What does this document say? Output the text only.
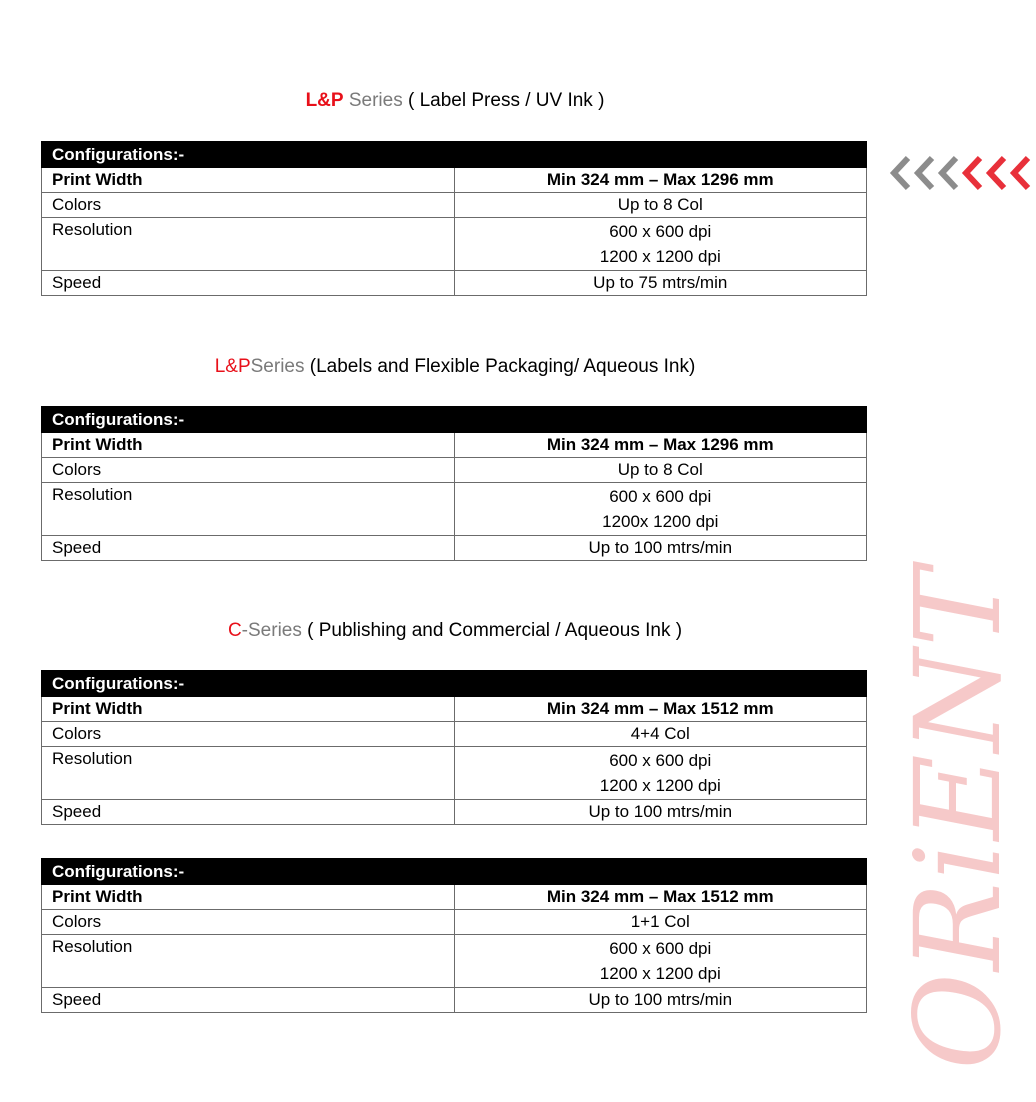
L&P Series ( Label Press / UV Ink )
Configurations:-	
Print Width	Min 324 mm – Max 1296 mm
Colors	Up to 8 Col
Resolution	600 x 600 dpi
1200 x 1200 dpi

Speed	Up to 75 mtrs/min
L&PSeries (Labels and Flexible Packaging/ Aqueous Ink)
Configurations:-	
Print Width	Min 324 mm – Max 1296 mm
Colors	Up to 8 Col
Resolution	600 x 600 dpi
1200x 1200 dpi

Speed	Up to 100 mtrs/min
C-Series ( Publishing and Commercial / Aqueous Ink )
Configurations:-	
Print Width	Min 324 mm – Max 1512 mm
Colors	4+4 Col
Resolution	600 x 600 dpi
1200 x 1200 dpi

Speed	Up to 100 mtrs/min
Configurations:-	
Print Width	Min 324 mm – Max 1512 mm
Colors	1+1 Col
Resolution	600 x 600 dpi
1200 x 1200 dpi

Speed	Up to 100 mtrs/min ORiENT
